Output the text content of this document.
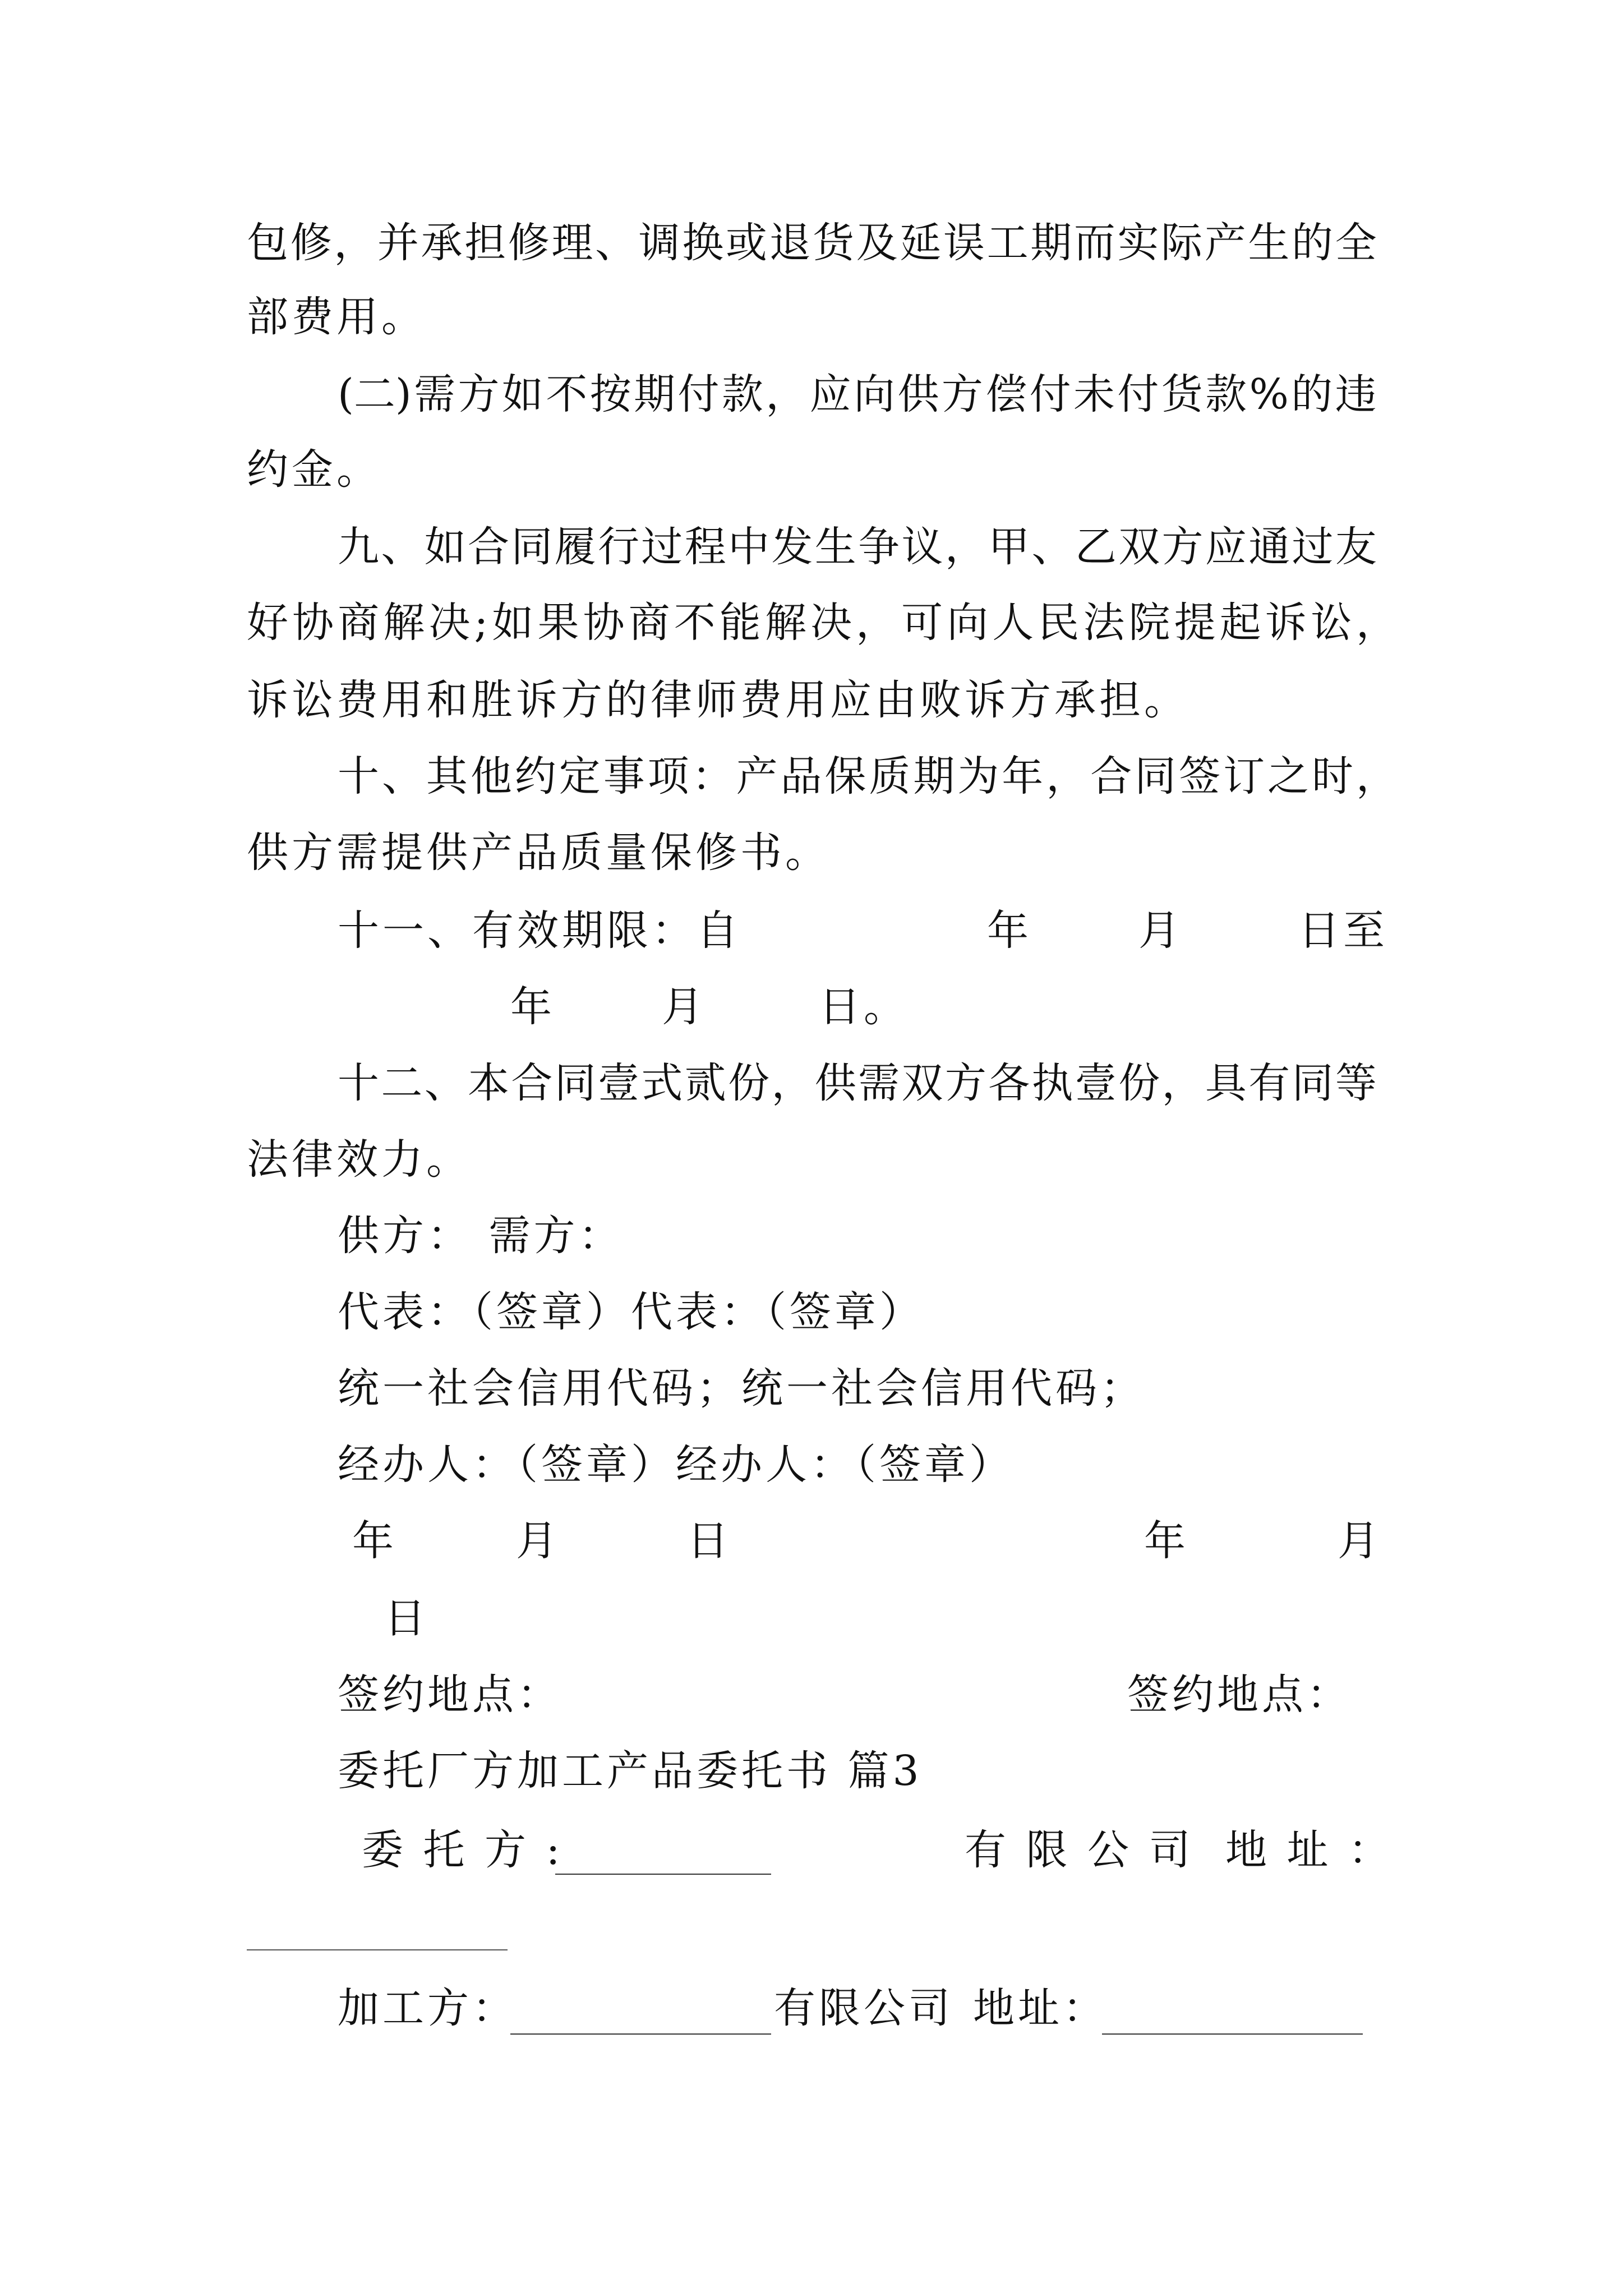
包 修 ， 并 承 担 修 理 、 调 换 或 退 货 及 延 误 工 期 而 实 际 产 生 的 全
部费用。
(二) 需 方 如 不 按 期 付 款 ， 应 向 供 方 偿 付 未 付 货 款 % 的 违
约金。
九 、 如 合 同 履 行 过 程 中 发 生 争 议 ， 甲 、 乙 双 方 应 通 过 友
好 协 商 解 决 ; 如 果 协 商 不 能 解 决 ， 可 向 人 民 法 院 提 起 诉 讼 ，
诉讼费用和胜诉方的律师费用应由败诉方承担。
十 、 其 他 约 定 事 项 ： 产 品 保 质 期 为 年 ， 合 同 签 订 之 时 ，
供方需提供产品质量保修书。
十一、有效期限：自	年	月	日至
年	月	日。
十 二 、 本 合 同 壹 式 贰 份 ， 供 需 双 方 各 执 壹 份 ， 具 有 同 等
法律效力。
供方： 需方：
代表：（签章）代表：（签章）
统一社会信用代码；统一社会信用代码；
经办人：（签章）经办人：（签章）
年	月	日	年	月
日
签约地点：	签约地点：
委托厂方加工产品委托书 篇3
委 托 方 :	有 限 公 司 地 址 ：
加工方：	有限公司 地址：
